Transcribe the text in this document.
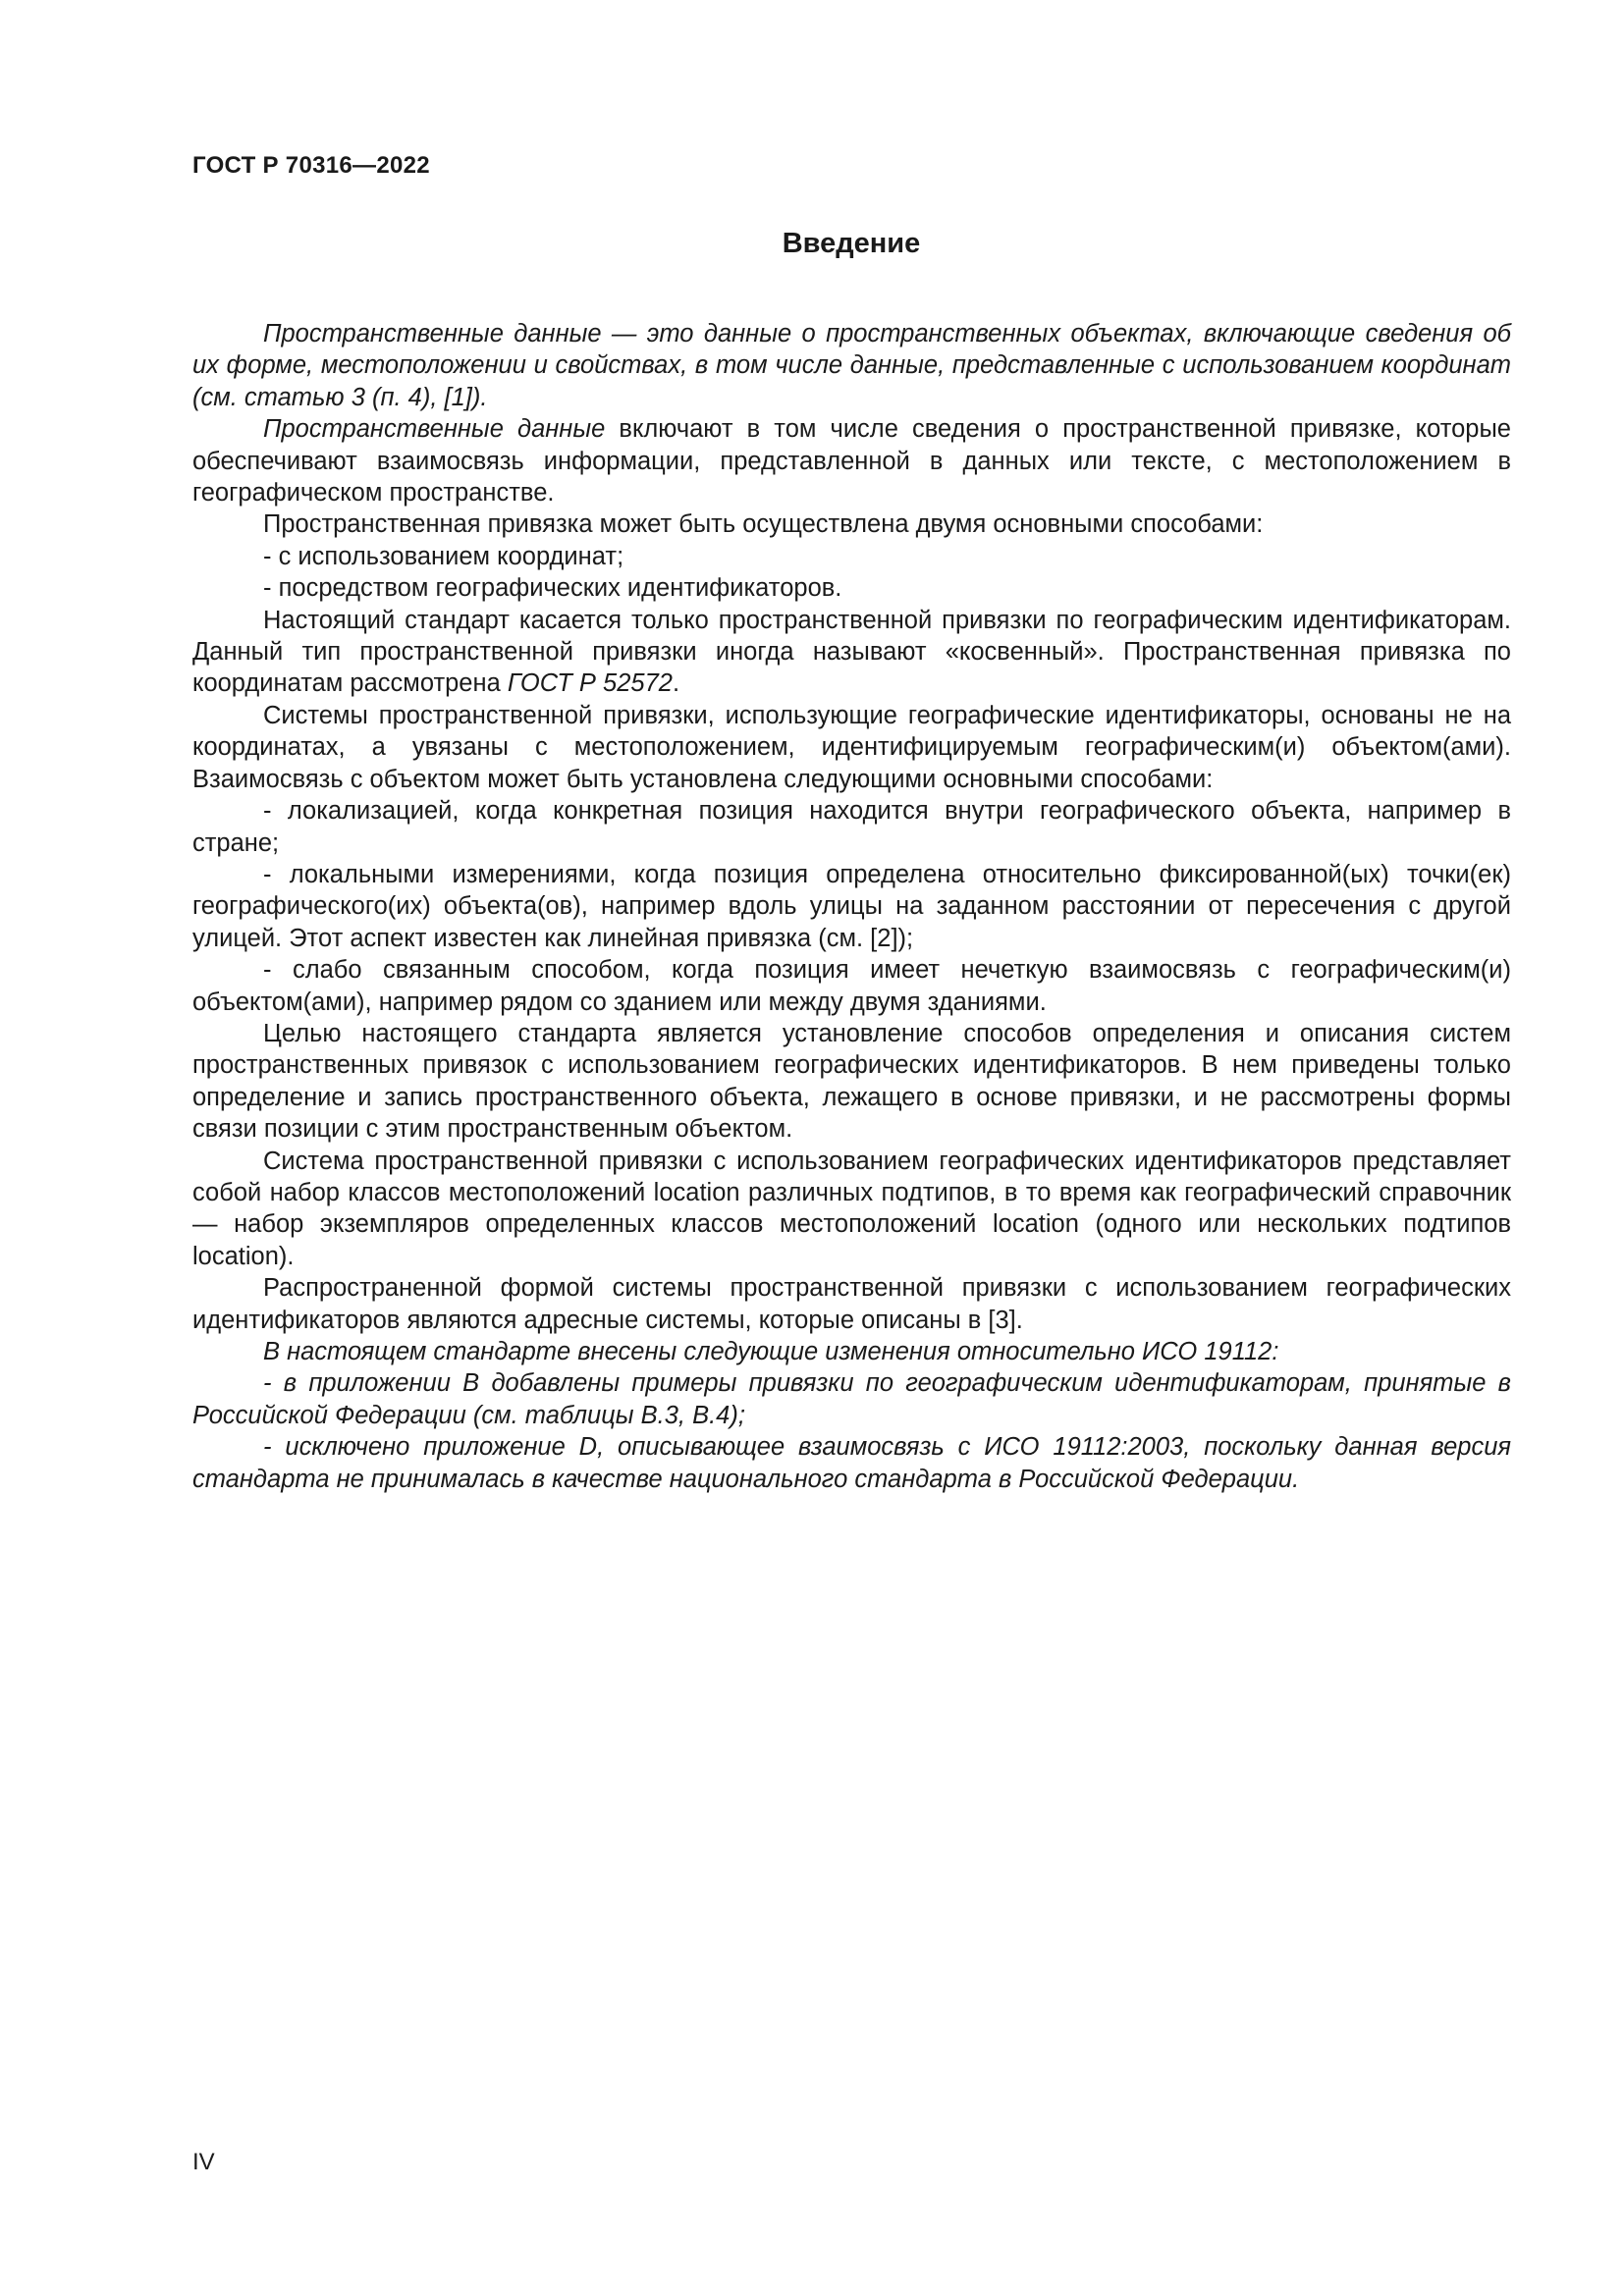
ГОСТ Р 70316—2022
Введение

Пространственные данные — это данные о пространственных объектах, включающие сведения об их форме, местоположении и свойствах, в том числе данные, представленные с использованием координат (см. статью 3 (п. 4), [1]).

Пространственные данные включают в том числе сведения о пространственной привязке, которые обеспечивают взаимосвязь информации, представленной в данных или тексте, с местоположением в географическом пространстве.

Пространственная привязка может быть осуществлена двумя основными способами:

- с использованием координат;

- посредством географических идентификаторов.

Настоящий стандарт касается только пространственной привязки по географическим идентификаторам. Данный тип пространственной привязки иногда называют «косвенный». Пространственная привязка по координатам рассмотрена ГОСТ Р 52572.

Системы пространственной привязки, использующие географические идентификаторы, основаны не на координатах, а увязаны с местоположением, идентифицируемым географическим(и) объектом(ами). Взаимосвязь с объектом может быть установлена следующими основными способами:

- локализацией, когда конкретная позиция находится внутри географического объекта, например в стране;

- локальными измерениями, когда позиция определена относительно фиксированной(ых) точки(ек) географического(их) объекта(ов), например вдоль улицы на заданном расстоянии от пересечения с другой улицей. Этот аспект известен как линейная привязка (см. [2]);

- слабо связанным способом, когда позиция имеет нечеткую взаимосвязь с географическим(и) объектом(ами), например рядом со зданием или между двумя зданиями.

Целью настоящего стандарта является установление способов определения и описания систем пространственных привязок с использованием географических идентификаторов. В нем приведены только определение и запись пространственного объекта, лежащего в основе привязки, и не рассмотрены формы связи позиции с этим пространственным объектом.

Система пространственной привязки с использованием географических идентификаторов представляет собой набор классов местоположений location различных подтипов, в то время как географический справочник — набор экземпляров определенных классов местоположений location (одного или нескольких подтипов location).

Распространенной формой системы пространственной привязки с использованием географических идентификаторов являются адресные системы, которые описаны в [3].

В настоящем стандарте внесены следующие изменения относительно ИСО 19112:

- в приложении В добавлены примеры привязки по географическим идентификаторам, принятые в Российской Федерации (см. таблицы В.3, В.4);

- исключено приложение D, описывающее взаимосвязь с ИСО 19112:2003, поскольку данная версия стандарта не принималась в качестве национального стандарта в Российской Федерации.

IV
